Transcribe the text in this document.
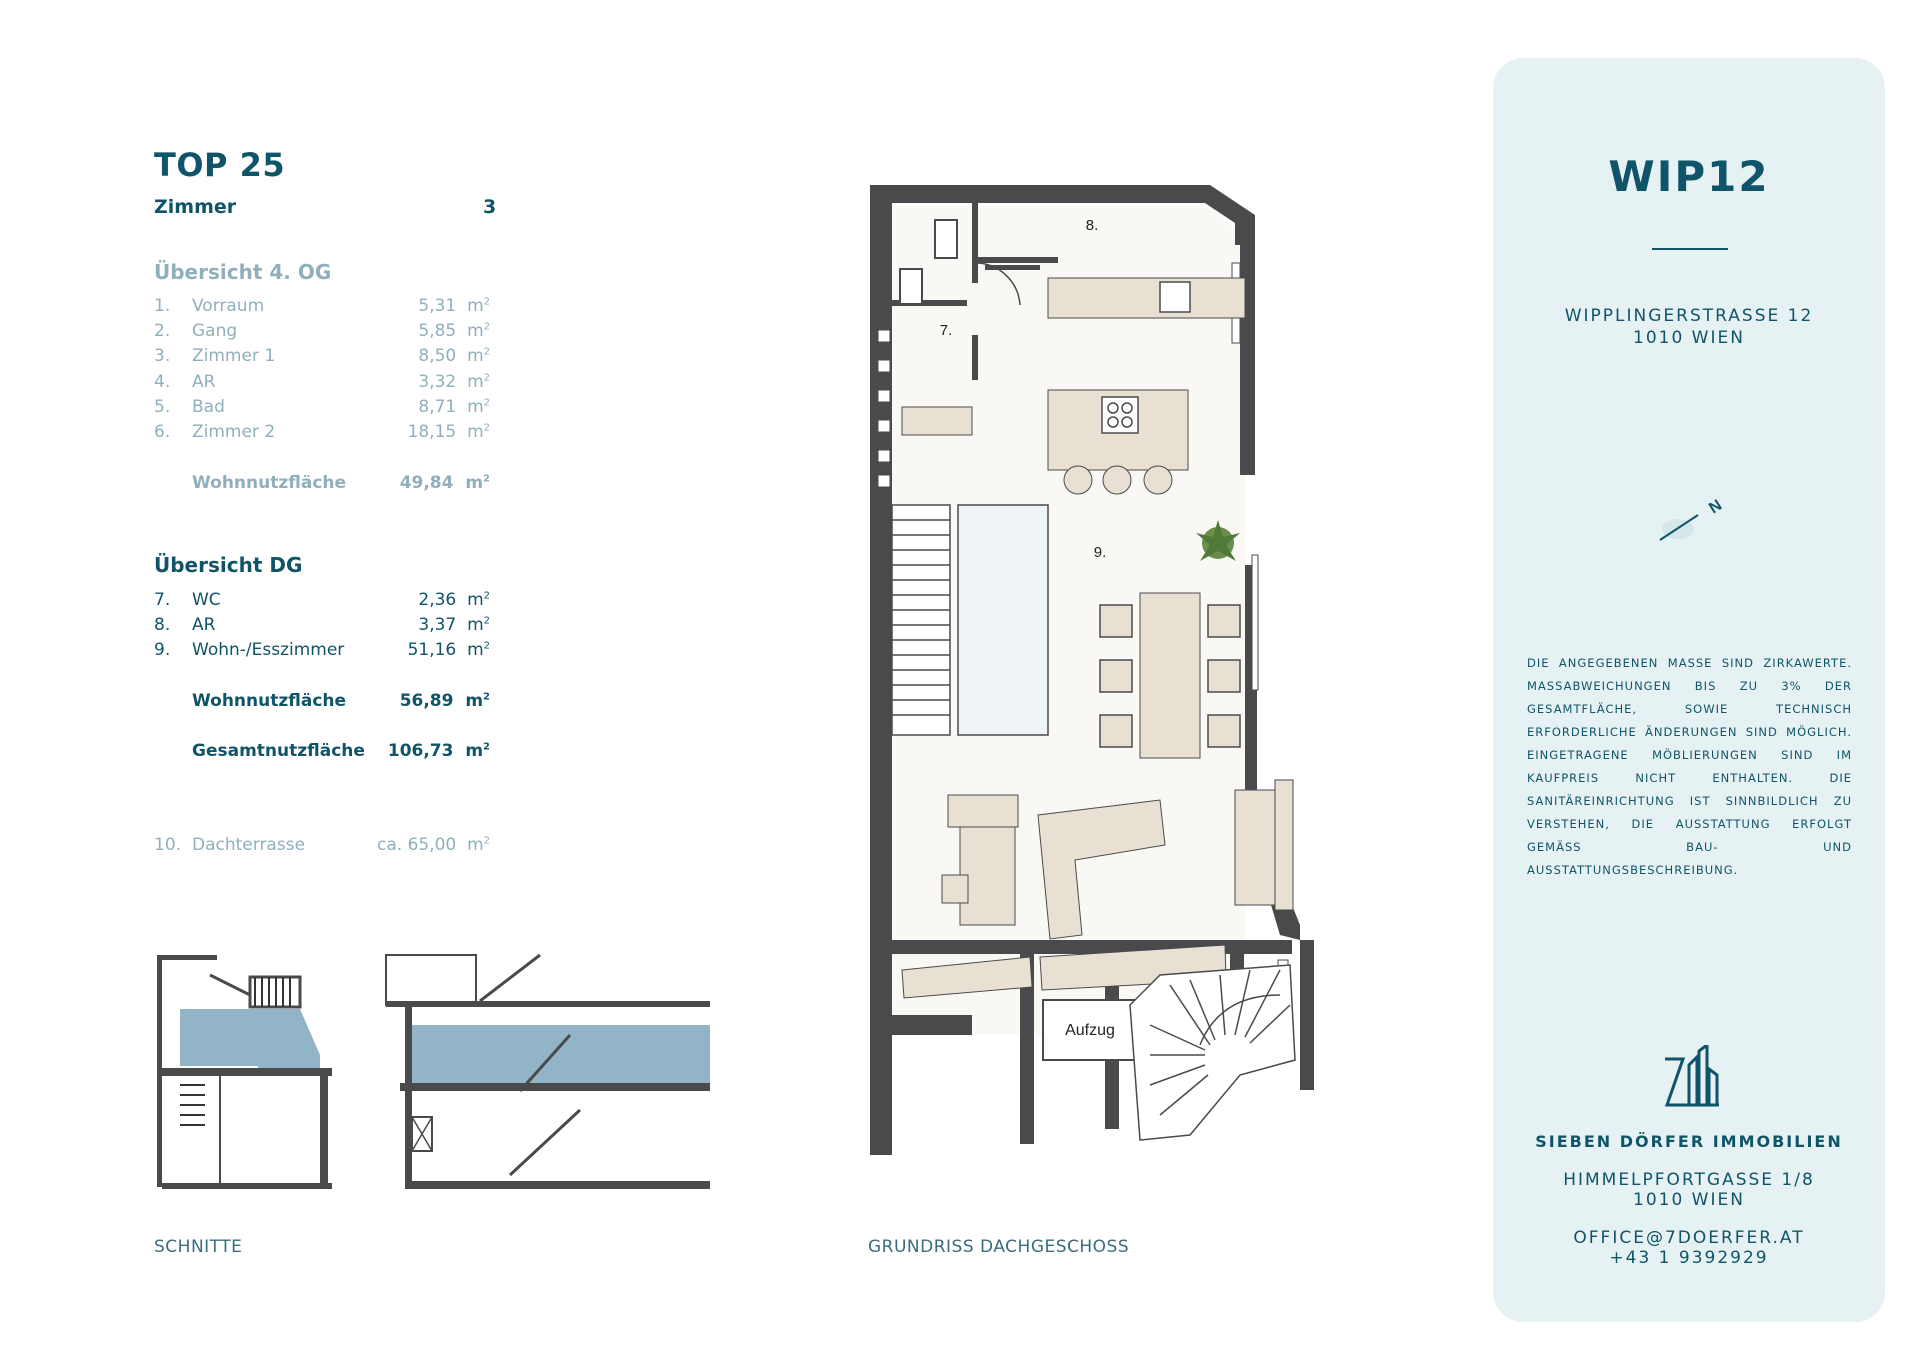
TOP 25
Zimmer	3
Übersicht 4. OG
1. Vorraum	5,31 $m^2$
2. Gang	5,85 $m^2$
3. Zimmer 1	8,50 $m^2$
4. AR	3,32 $m^2$
5. Bad	8,71 $m^2$
6. Zimmer 2	18,15 $m^2$
Wohnnutzfläche	49,84 $m^2$
Übersicht DG
7. WC	2,36 $m^2$
8. AR	3,37 $m^2$
9. Wohn-/Esszimmer	51,16 $m^2$
Wohnnutzfläche	56,89 $m^2$
Gesamtnutzfläche 106,73 $m^2$
10. Dachterrasse	ca. 65,00 $m^2$
SCHNITTE
Aufzug
8.
7.
9.
GRUNDRISS DACHGESCHOSS
WIP12
WIPPLINGERSTRASSE 12
1010 WIEN
N
DIE ANGEGEBENEN MASSE SIND ZIRKAWERTE. MASSABWEICHUNGEN BIS ZU 3% DER GESAMTFLÄCHE, SOWIE TECHNISCH ERFORDERLICHE ÄNDERUNGEN SIND MÖGLICH. EINGETRAGENE MÖBLIERUNGEN SIND IM KAUFPREIS NICHT ENTHALTEN. DIE SANITÄREINRICHTUNG IST SINNBILDLICH ZU VERSTEHEN, DIE AUSSTATTUNG ERFOLGT GEMÄSS BAU- UND AUSSTATTUNGSBESCHREIBUNG.
SIEBEN DÖRFER IMMOBILIEN
HIMMELPFORTGASSE 1/8
1010 WIEN
OFFICE@7DOERFER.AT
+43 1 9392929
